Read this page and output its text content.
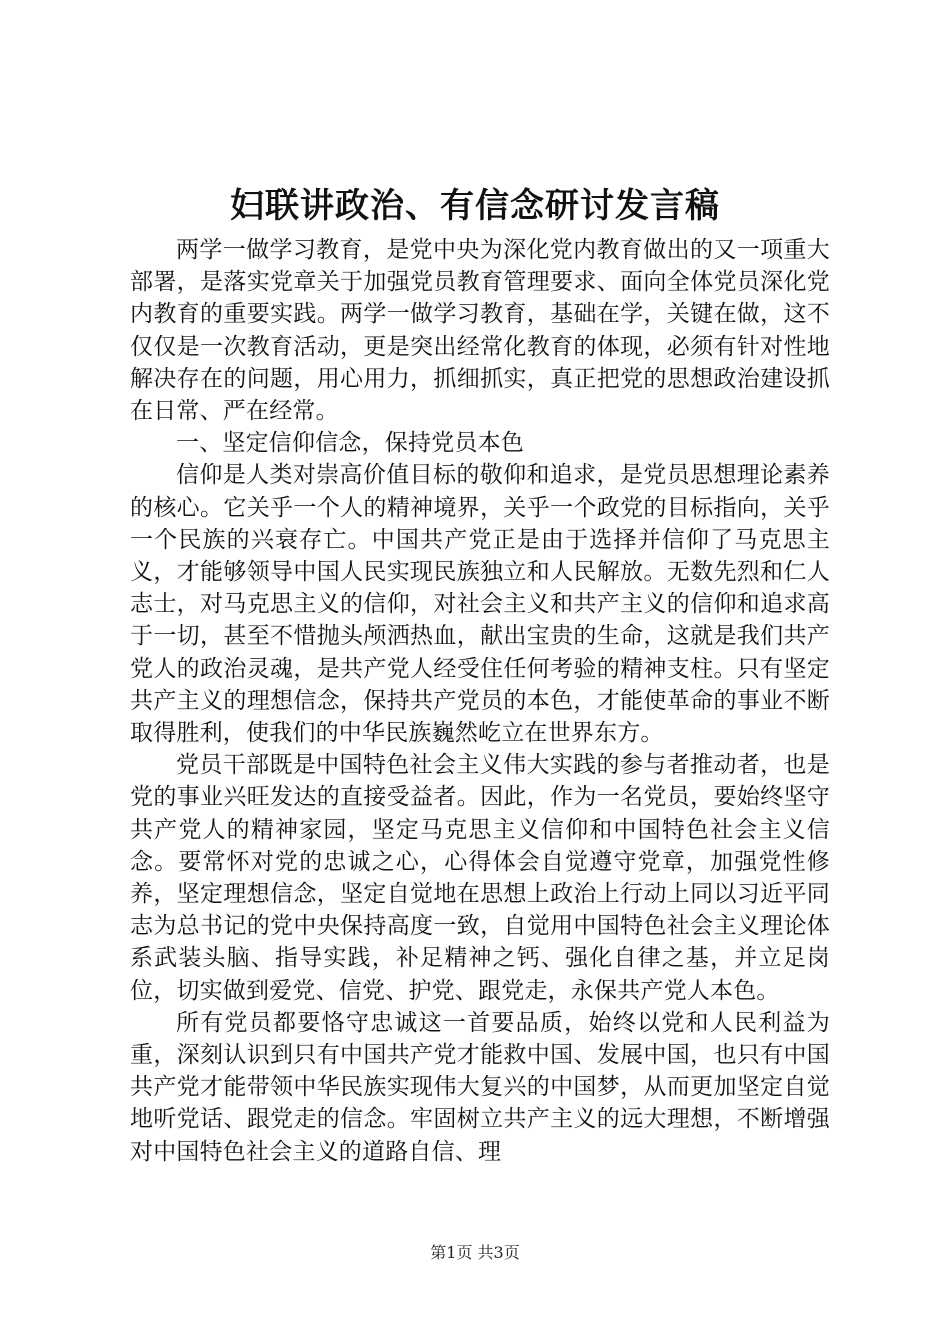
妇联讲政治、有信念研讨发言稿

两学一做学习教育，是党中央为深化党内教育做出的又一项重大部署，是落实党章关于加强党员教育管理要求、面向全体党员深化党内教育的重要实践。两学一做学习教育，基础在学，关键在做，这不仅仅是一次教育活动，更是突出经常化教育的体现，必须有针对性地解决存在的问题，用心用力，抓细抓实，真正把党的思想政治建设抓在日常、严在经常。

一、坚定信仰信念，保持党员本色

信仰是人类对崇高价值目标的敬仰和追求，是党员思想理论素养的核心。它关乎一个人的精神境界，关乎一个政党的目标指向，关乎一个民族的兴衰存亡。中国共产党正是由于选择并信仰了马克思主义，才能够领导中国人民实现民族独立和人民解放。无数先烈和仁人志士，对马克思主义的信仰，对社会主义和共产主义的信仰和追求高于一切，甚至不惜抛头颅洒热血，献出宝贵的生命，这就是我们共产党人的政治灵魂，是共产党人经受住任何考验的精神支柱。只有坚定共产主义的理想信念，保持共产党员的本色，才能使革命的事业不断取得胜利，使我们的中华民族巍然屹立在世界东方。

党员干部既是中国特色社会主义伟大实践的参与者推动者，也是党的事业兴旺发达的直接受益者。因此，作为一名党员，要始终坚守共产党人的精神家园，坚定马克思主义信仰和中国特色社会主义信念。要常怀对党的忠诚之心，心得体会自觉遵守党章，加强党性修养，坚定理想信念，坚定自觉地在思想上政治上行动上同以习近平同志为总书记的党中央保持高度一致，自觉用中国特色社会主义理论体系武装头脑、指导实践，补足精神之钙、强化自律之基，并立足岗位，切实做到爱党、信党、护党、跟党走，永保共产党人本色。

所有党员都要恪守忠诚这一首要品质，始终以党和人民利益为重，深刻认识到只有中国共产党才能救中国、发展中国，也只有中国共产党才能带领中华民族实现伟大复兴的中国梦，从而更加坚定自觉地听党话、跟党走的信念。牢固树立共产主义的远大理想，不断增强对中国特色社会主义的道路自信、理

第1页 共3页
